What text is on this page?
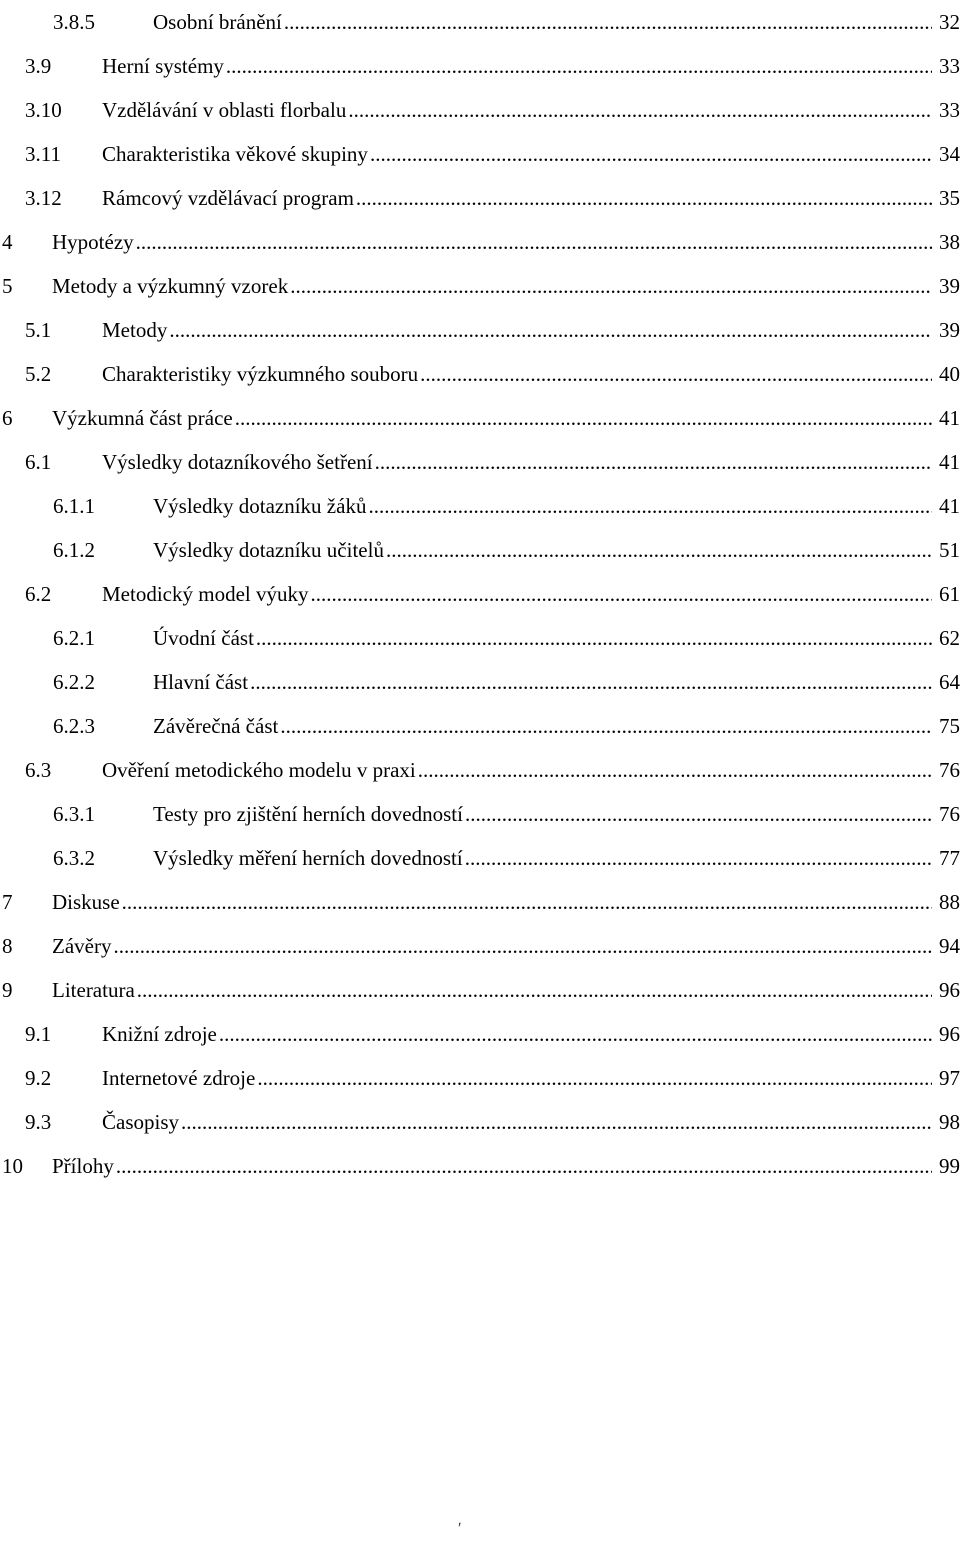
3.8.5	Osobní bránění .....	32
3.9	Herní systémy .....	33
3.10	Vzdělávání v oblasti florbalu .....	33
3.11	Charakteristika věkové skupiny .....	34
3.12	Rámcový vzdělávací program .....	35
4	Hypotézy .....	38
5	Metody a výzkumný vzorek .....	39
5.1	Metody .....	39
5.2	Charakteristiky výzkumného souboru .....	40
6	Výzkumná část práce .....	41
6.1	Výsledky dotazníkového šetření .....	41
6.1.1	Výsledky dotazníku žáků .....	41
6.1.2	Výsledky dotazníku učitelů .....	51
6.2	Metodický model výuky .....	61
6.2.1	Úvodní část .....	62
6.2.2	Hlavní část .....	64
6.2.3	Závěrečná část .....	75
6.3	Ověření metodického modelu v praxi .....	76
6.3.1	Testy pro zjištění herních dovedností .....	76
6.3.2	Výsledky měření herních dovedností .....	77
7	Diskuse .....	88
8	Závěry .....	94
9	Literatura .....	96
9.1	Knižní zdroje .....	96
9.2	Internetové zdroje .....	97
9.3	Časopisy .....	98
10	Přílohy .....	99
ʹ
